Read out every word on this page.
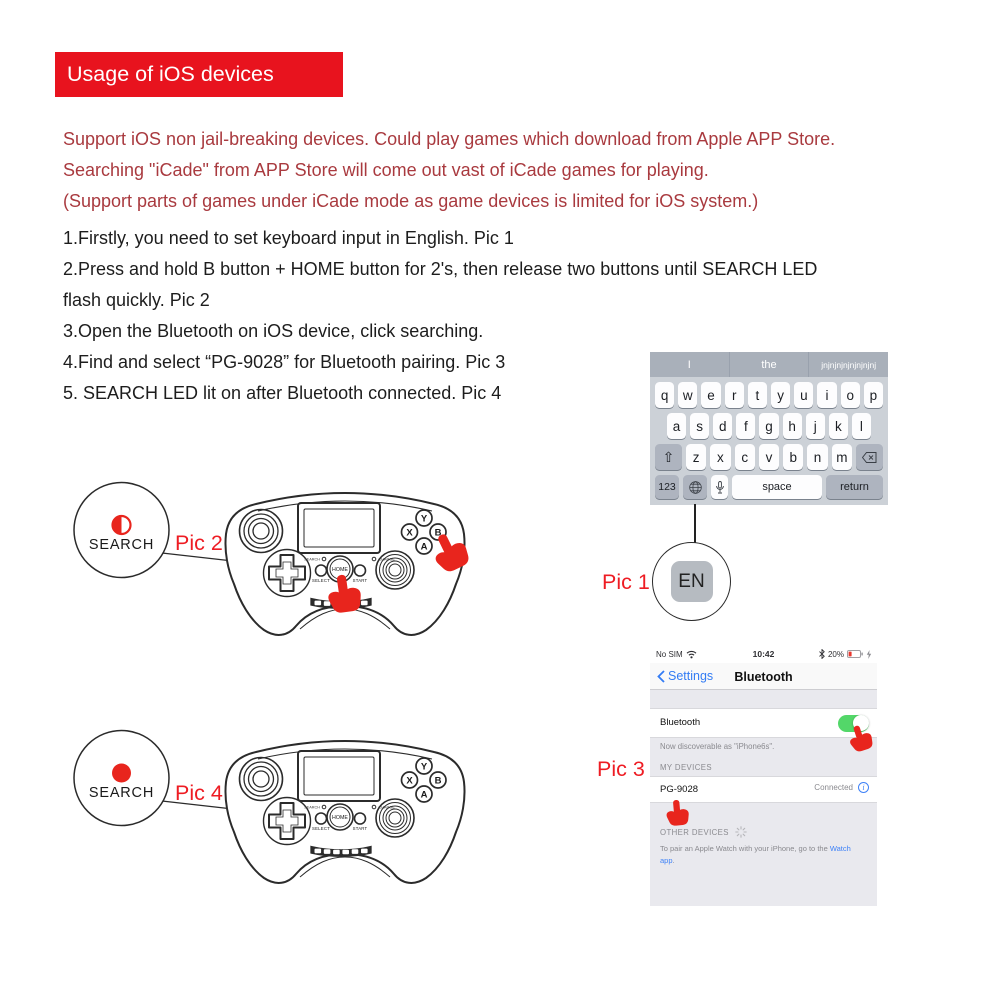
Usage of iOS devices
Support iOS non jail-breaking devices. Could play games which download from Apple APP Store.
Searching "iCade" from APP Store will come out vast of iCade games for playing.
(Support parts of games under iCade mode as game devices is limited for iOS system.)
1.Firstly, you need to set keyboard input in English. Pic 1
2.Press and hold B button + HOME button for 2's, then release two buttons until SEARCH LED
flash quickly. Pic 2
3.Open the Bluetooth on iOS device, click searching.
4.Find and select “PG-9028” for Bluetooth pairing. Pic 3
5. SEARCH LED lit on after Bluetooth connected. Pic 4
I	the	jnjnjnjnjnjnjnjnj
q	w	e	r	t	y	u	i	o	p
a	s	d	f	g	h	j	k	l
⇧	z	x	c	v	b	n	m
123	space	return
EN
Pic 1
SEARCH
Y
X B
A
HOME
SELECT	START
SEARCH	CHARGE
Pic 2
SEARCH
Y
X B
A
HOME
SELECT	START
SEARCH	CHARGE
Pic 4
No SIM	10:42	20%
Settings	Bluetooth
Bluetooth
Now discoverable as "iPhone6s".
MY DEVICES
PG-9028	Connected	i
OTHER DEVICES
To pair an Apple Watch with your iPhone, go to the Watch app.
Pic 3
